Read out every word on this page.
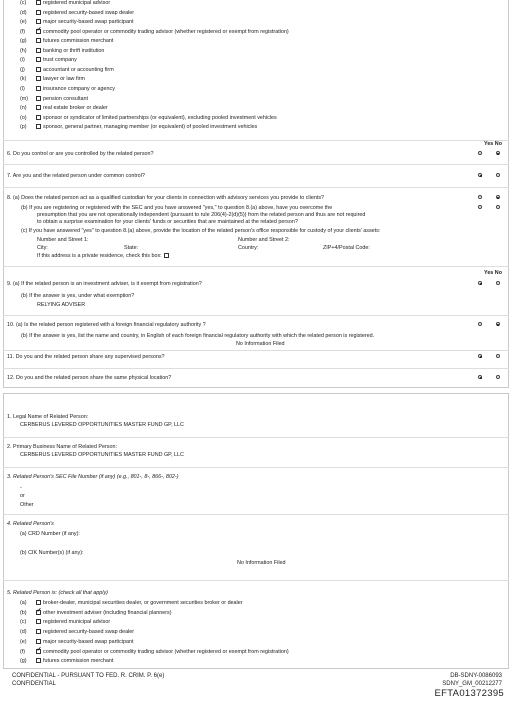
(c)	registered municipal advisor
(d)	registered security-based swap dealer
(e)	major security-based swap participant
(f) ✔	commodity pool operator or commodity trading advisor (whether registered or exempt from registration)
(g)	futures commission merchant
(h)	banking or thrift institution
(i)	trust company
(j)	accountant or accounting firm
(k)	lawyer or law firm
(l)	insurance company or agency
(m)	pension consultant
(n)	real estate broker or dealer
(o)	sponsor or syndicator of limited partnerships (or equivalent), excluding pooled investment vehicles
(p)	sponsor, general partner, managing member (or equivalent) of pooled investment vehicles
Yes No
6. Do you control or are you controlled by the related person?
7. Are you and the related person under common control?
8. (a) Does the related person act as a qualified custodian for your clients in connection with advisory services you provide to clients?
(b) If you are registering or registered with the SEC and you have answered "yes," to question 8.(a) above, have you overcome the
presumption that you are not operationally independent (pursuant to rule 206(4)-2(d)(5)) from the related person and thus are not required
to obtain a surprise examination for your clients' funds or securities that are maintained at the related person?
(c) If you have answered "yes" to question 8.(a) above, provide the location of the related person's office responsible for custody of your clients' assets:
Number and Street 1:	Number and Street 2:
City:	State:	Country:	ZIP+4/Postal Code:
If this address is a private residence, check this box:
Yes No
9. (a) If the related person is an investment adviser, is it exempt from registration?
(b) If the answer is yes, under what exemption?
RELYING ADVISER
10. (a) Is the related person registered with a foreign financial regulatory authority ?
(b) If the answer is yes, list the name and country, in English of each foreign financial regulatory authority with which the related person is registered.
No Information Filed
11. Do you and the related person share any supervised persons?
12. Do you and the related person share the same physical location?
1. Legal Name of Related Person:
CERBERUS LEVERED OPPORTUNITIES MASTER FUND GP, LLC
2. Primary Business Name of Related Person:
CERBERUS LEVERED OPPORTUNITIES MASTER FUND GP, LLC
3. Related Person's SEC File Number (if any) (e.g., 801-, 8-, 866-, 802-)
-
or
Other
4. Related Person's
(a) CRD Number (if any):
(b) CIK Number(s) (if any):
No Information Filed
5. Related Person is: (check all that apply)
(a)	broker-dealer, municipal securities dealer, or government securities broker or dealer
(b) ✔	other investment adviser (including financial planners)
(c)	registered municipal advisor
(d)	registered security-based swap dealer
(e)	major security-based swap participant
(f) ✔	commodity pool operator or commodity trading advisor (whether registered or exempt from registration)
(g)	futures commission merchant
CONFIDENTIAL - PURSUANT TO FED. R. CRIM. P. 6(e)
CONFIDENTIAL
DB-SDNY-0086093
SDNY_GM_00212277
EFTA01372395
